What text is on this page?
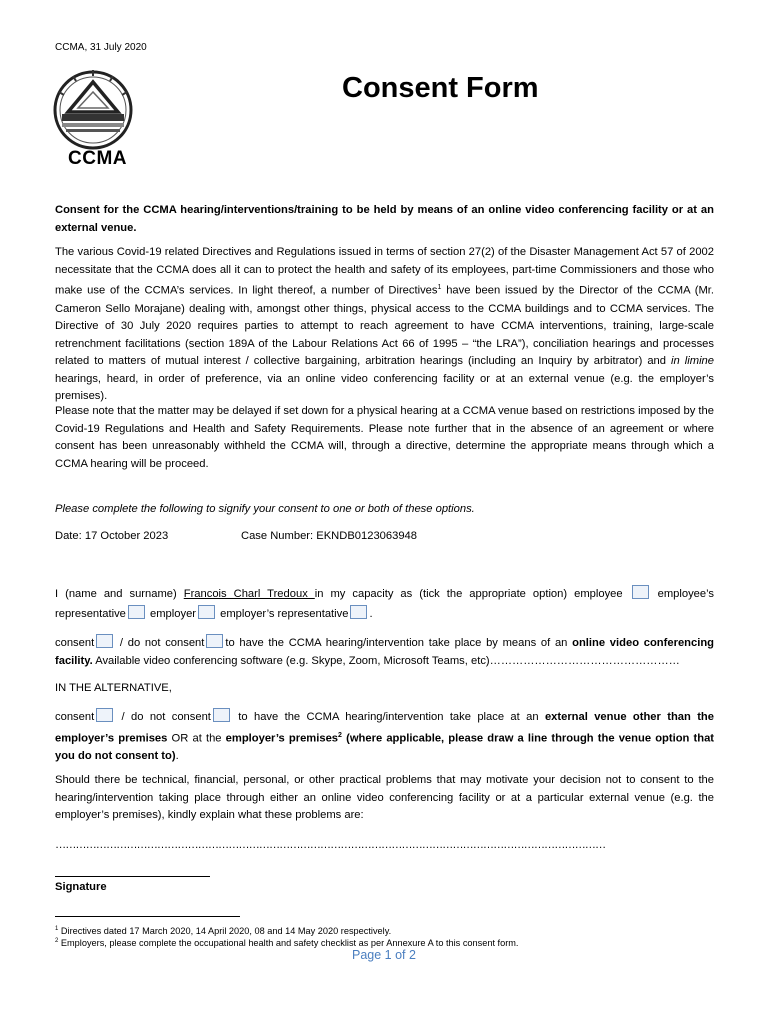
CCMA, 31 July 2020
CCMA
Consent Form
Consent for the CCMA hearing/interventions/training to be held by means of an online video conferencing facility or at an external venue.
The various Covid-19 related Directives and Regulations issued in terms of section 27(2) of the Disaster Management Act 57 of 2002 necessitate that the CCMA does all it can to protect the health and safety of its employees, part-time Commissioners and those who make use of the CCMA’s services. In light thereof, a number of Directives$^1$ have been issued by the Director of the CCMA (Mr. Cameron Sello Morajane) dealing with, amongst other things, physical access to the CCMA buildings and to CCMA services. The Directive of 30 July 2020 requires parties to attempt to reach agreement to have CCMA interventions, training, large-scale retrenchment facilitations (section 189A of the Labour Relations Act 66 of 1995 – “the LRA”), conciliation hearings and processes related to matters of mutual interest / collective bargaining, arbitration hearings (including an Inquiry by arbitrator) and in limine hearings, heard, in order of preference, via an online video conferencing facility or at an external venue (e.g. the employer’s premises).
Please note that the matter may be delayed if set down for a physical hearing at a CCMA venue based on restrictions imposed by the Covid-19 Regulations and Health and Safety Requirements. Please note further that in the absence of an agreement or where consent has been unreasonably withheld the CCMA will, through a directive, determine the appropriate means through which a CCMA hearing will be proceed.
Please complete the following to signify your consent to one or both of these options.
Date: 17 October 2023	Case Number: EKNDB0123063948
I (name and surname) Francois Charl Tredoux in my capacity as (tick the appropriate option) employee	employee’s representative employer employer’s representative .
consent / do not consent to have the CCMA hearing/intervention take place by means of an online video conferencing facility. Available video conferencing software (e.g. Skype, Zoom, Microsoft Teams, etc)……………………………………………
IN THE ALTERNATIVE,
consent / do not consent to have the CCMA hearing/intervention take place at an external venue other than the employer’s premises OR at the employer’s premises$^2$ (where applicable, please draw a line through the venue option that you do not consent to).
Should there be technical, financial, personal, or other practical problems that may motivate your decision not to consent to the hearing/intervention taking place through either an online video conferencing facility or at a particular external venue (e.g. the employer’s premises), kindly explain what these problems are:
………………………………………………………………………………………………………………………………………………
Signature
$^1$ Directives dated 17 March 2020, 14 April 2020, 08 and 14 May 2020 respectively.
$^2$ Employers, please complete the occupational health and safety checklist as per Annexure A to this consent form.
Page 1 of 2
